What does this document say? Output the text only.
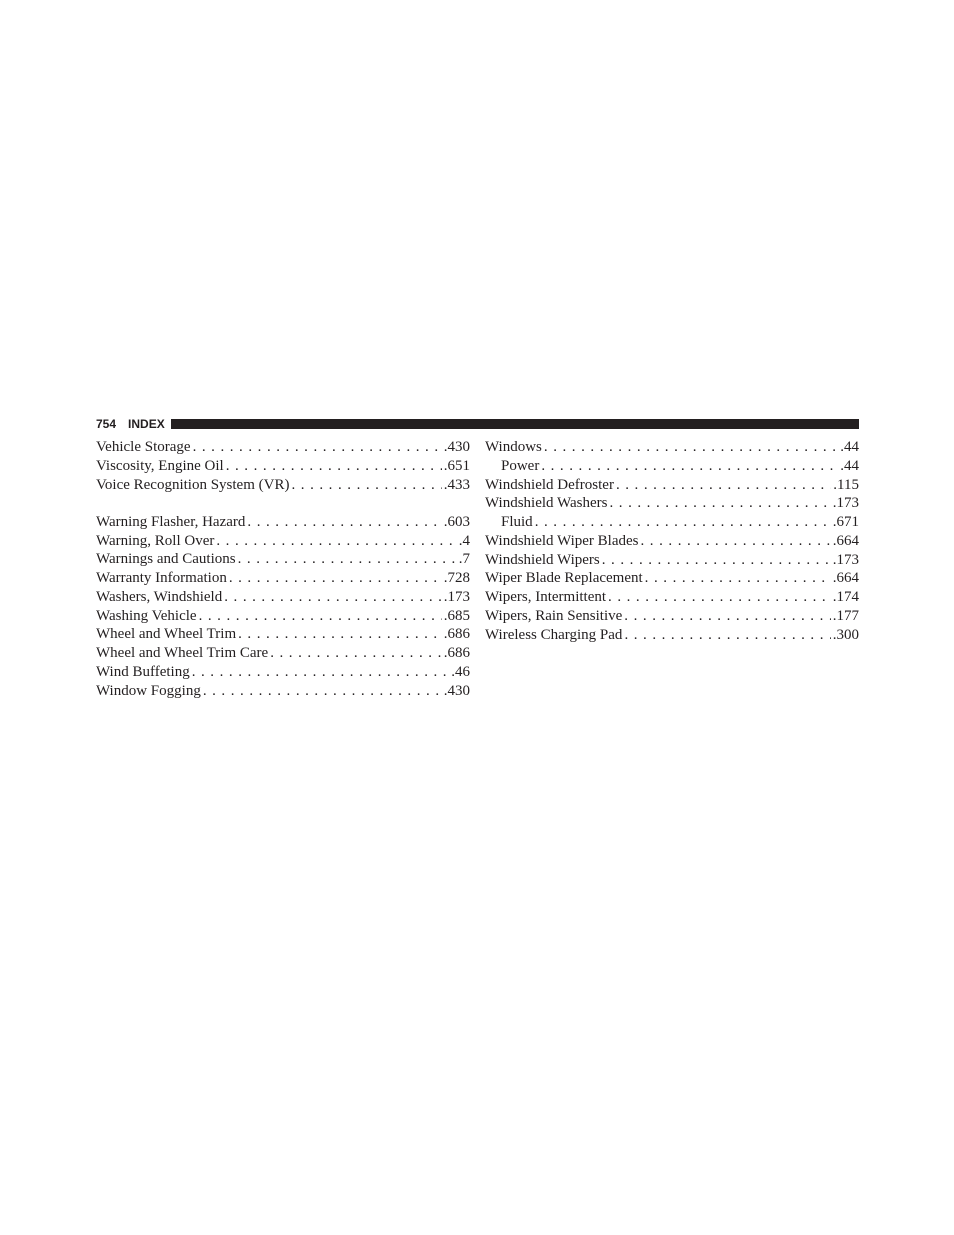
754 INDEX
Vehicle Storage . . .	.430
Viscosity, Engine Oil . . .	.651
Voice Recognition System (VR) . . .	.433
Warning Flasher, Hazard . . .	.603
Warning, Roll Over . . .	.4
Warnings and Cautions . . .	.7
Warranty Information . . .	.728
Washers, Windshield . . .	.173
Washing Vehicle . . .	.685
Wheel and Wheel Trim . . .	.686
Wheel and Wheel Trim Care . . .	.686
Wind Buffeting . . .	.46
Window Fogging . . .	.430
Windows . . .	.44
Power . . .	.44
Windshield Defroster . . .	.115
Windshield Washers . . .	.173
Fluid . . .	.671
Windshield Wiper Blades . . .	.664
Windshield Wipers . . .	.173
Wiper Blade Replacement . . .	.664
Wipers, Intermittent . . .	.174
Wipers, Rain Sensitive . . .	.177
Wireless Charging Pad . . .	.300
